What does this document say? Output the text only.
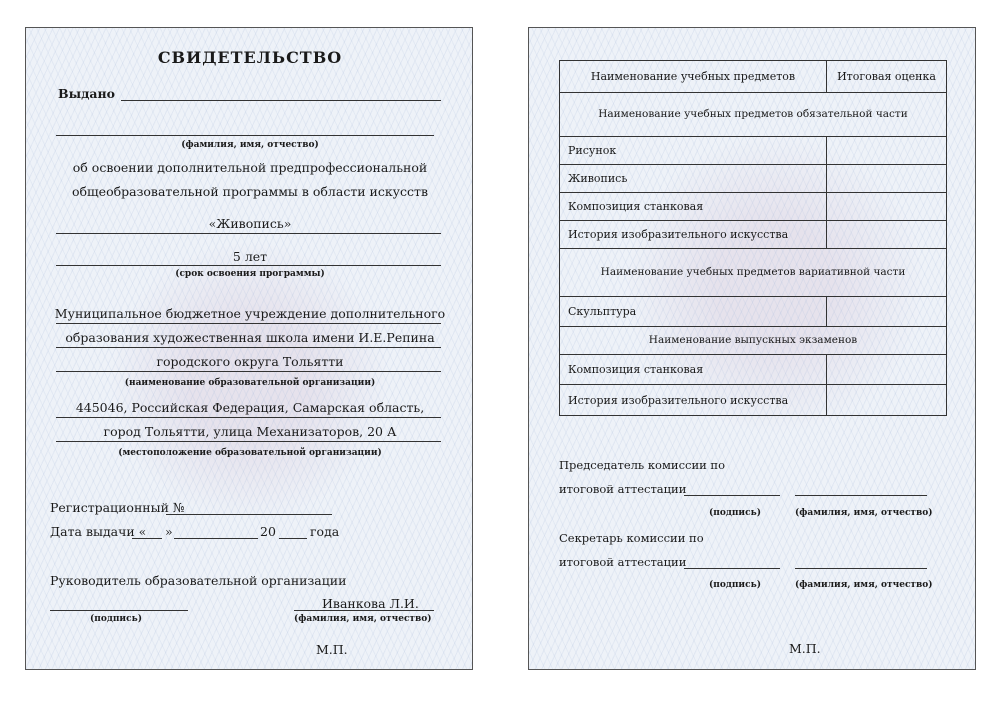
СВИДЕТЕЛЬСТВО
Выдано
(фамилия, имя, отчество)
об освоении дополнительной предпрофессиональной
общеобразовательной программы в области искусств
«Живопись»
5 лет
(срок освоения программы)
Муниципальное бюджетное учреждение дополнительного
образования художественная школа имени И.Е.Репина
городского округа Тольятти
(наименование образовательной организации)
445046, Российская Федерация, Самарская область,
город Тольятти, улица Механизаторов, 20 А
(местоположение образовательной организации)
Регистрационный №
Дата выдачи « »	20	года
Руководитель образовательной организации
Иванкова Л.И.
(подпись)	(фамилия, имя, отчество)
М.П.
Наименование учебных предметов	Итоговая оценка
Наименование учебных предметов обязательной части	
Рисунок	
Живопись	
Композиция станковая	
История изобразительного искусства	
Наименование учебных предметов вариативной части	
Скульптура	
Наименование выпускных экзаменов	
Композиция станковая	
История изобразительного искусства	
Председатель комиссии по
итоговой аттестации
(подпись)	(фамилия, имя, отчество)
Секретарь комиссии по
итоговой аттестации
(подпись)	(фамилия, имя, отчество)
М.П.
